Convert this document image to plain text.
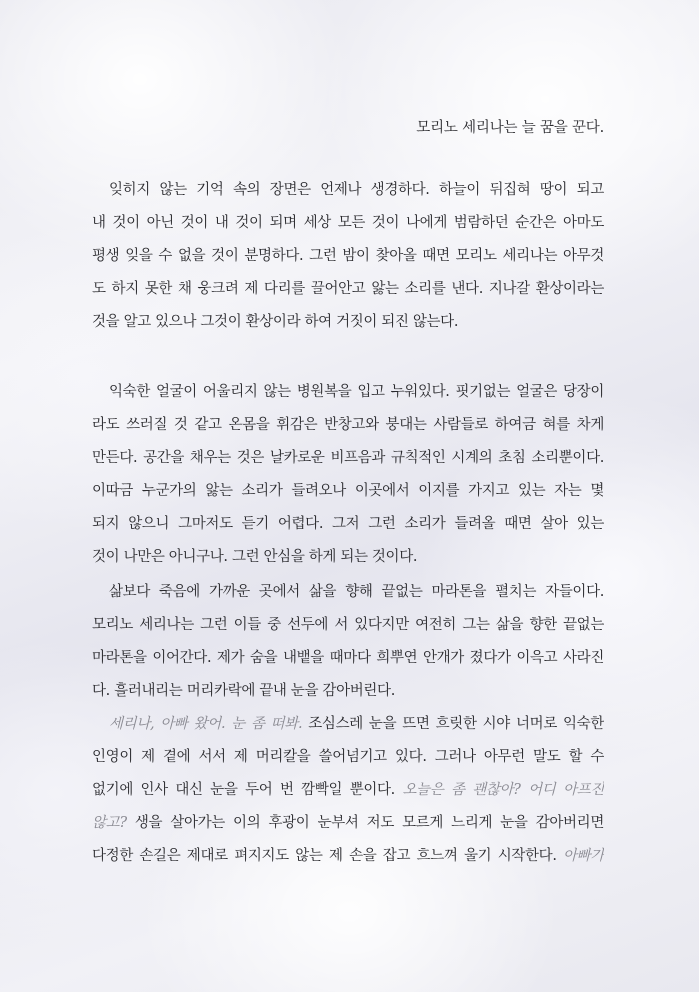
모리노 세리나는 늘 꿈을 꾼다.
잊히지 않는 기억 속의 장면은 언제나 생경하다. 하늘이 뒤집혀 땅이 되고
내 것이 아닌 것이 내 것이 되며 세상 모든 것이 나에게 범람하던 순간은 아마도
평생 잊을 수 없을 것이 분명하다. 그런 밤이 찾아올 때면 모리노 세리나는 아무것
도 하지 못한 채 웅크려 제 다리를 끌어안고 앓는 소리를 낸다. 지나갈 환상이라는
것을 알고 있으나 그것이 환상이라 하여 거짓이 되진 않는다.
익숙한 얼굴이 어울리지 않는 병원복을 입고 누워있다. 핏기없는 얼굴은 당장이
라도 쓰러질 것 같고 온몸을 휘감은 반창고와 붕대는 사람들로 하여금 혀를 차게
만든다. 공간을 채우는 것은 날카로운 비프음과 규칙적인 시계의 초침 소리뿐이다.
이따금 누군가의 앓는 소리가 들려오나 이곳에서 이지를 가지고 있는 자는 몇
되지 않으니 그마저도 듣기 어렵다. 그저 그런 소리가 들려올 때면 살아 있는
것이 나만은 아니구나. 그런 안심을 하게 되는 것이다.
삶보다 죽음에 가까운 곳에서 삶을 향해 끝없는 마라톤을 펼치는 자들이다.
모리노 세리나는 그런 이들 중 선두에 서 있다지만 여전히 그는 삶을 향한 끝없는
마라톤을 이어간다. 제가 숨을 내뱉을 때마다 희뿌연 안개가 졌다가 이윽고 사라진
다. 흘러내리는 머리카락에 끝내 눈을 감아버린다.
세리나, 아빠 왔어. 눈 좀 떠봐. 조심스레 눈을 뜨면 흐릿한 시야 너머로 익숙한
인영이 제 곁에 서서 제 머리칼을 쓸어넘기고 있다. 그러나 아무런 말도 할 수
없기에 인사 대신 눈을 두어 번 깜빡일 뿐이다. 오늘은 좀 괜찮아? 어디 아프진
않고? 생을 살아가는 이의 후광이 눈부셔 저도 모르게 느리게 눈을 감아버리면
다정한 손길은 제대로 펴지지도 않는 제 손을 잡고 흐느껴 울기 시작한다. 아빠가
